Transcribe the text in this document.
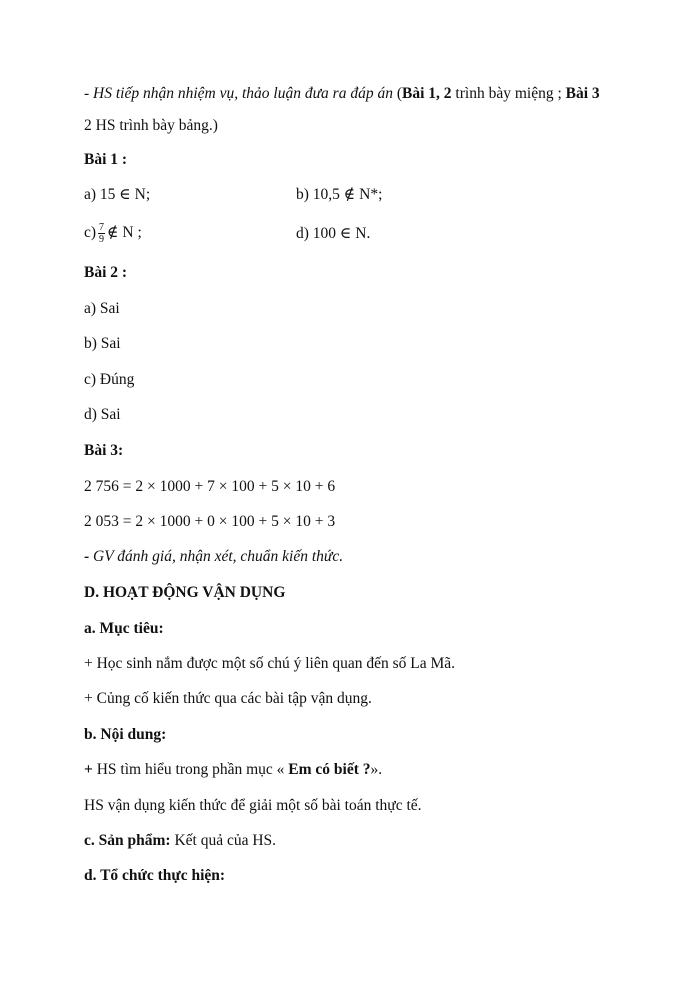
- HS tiếp nhận nhiệm vụ, thảo luận đưa ra đáp án (Bài 1, 2 trình bày miệng ; Bài 3
2 HS trình bày bảng.)
Bài 1 :
a) 15 ∈ N;	b) 10,5 ∉ N*;
$c) \frac{7}{9}$ ∉ N ;	d) 100 ∈ N.
Bài 2 :
a) Sai
b) Sai
c) Đúng
d) Sai
Bài 3:
2 756 = 2 × 1000 + 7 × 100 + 5 × 10 + 6
2 053 = 2 × 1000 + 0 × 100 + 5 × 10 + 3
- GV đánh giá, nhận xét, chuẩn kiến thức.
D. HOẠT ĐỘNG VẬN DỤNG
a. Mục tiêu:
+ Học sinh nắm được một số chú ý liên quan đến số La Mã.
+ Củng cố kiến thức qua các bài tập vận dụng.
b. Nội dung:
+ HS tìm hiểu trong phần mục « Em có biết ?».
HS vận dụng kiến thức để giải một số bài toán thực tế.
c. Sản phẩm: Kết quả của HS.
d. Tổ chức thực hiện:
